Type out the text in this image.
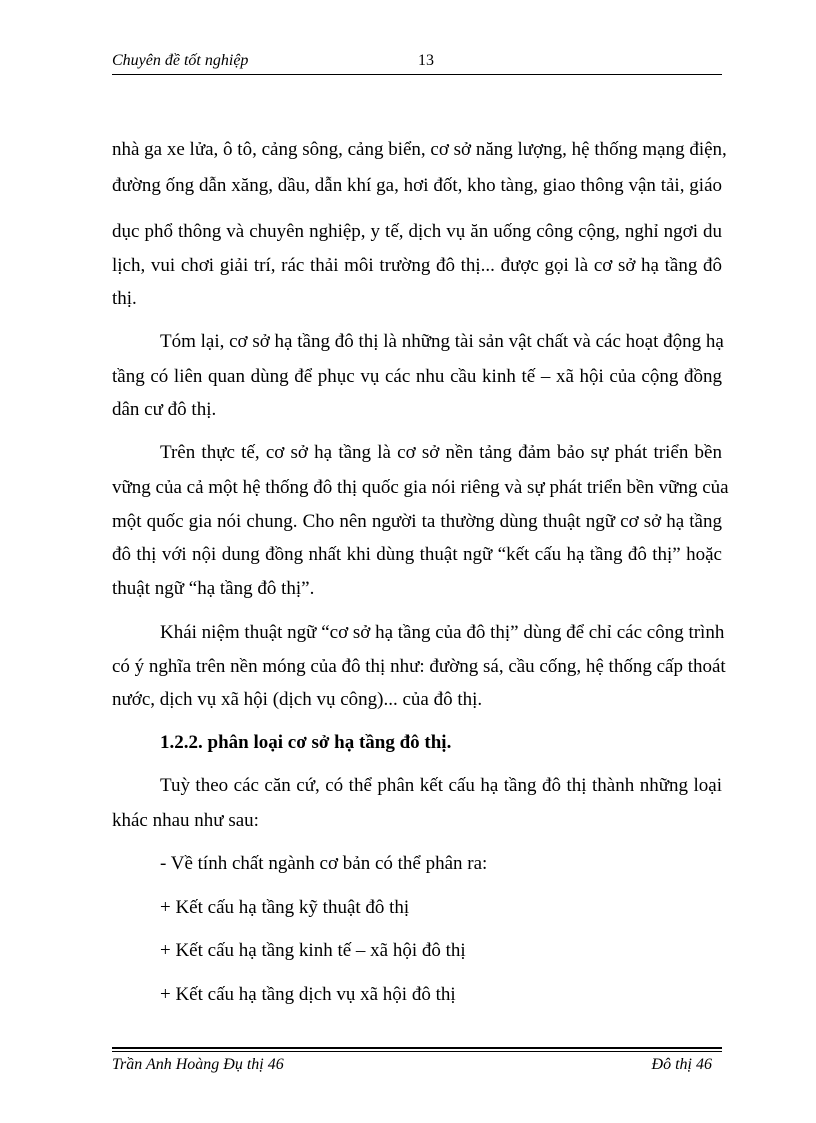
Chuyên đề tốt nghiệp	13
nhà ga xe lửa, ô tô, cảng sông, cảng biển, cơ sở năng lượng, hệ thống mạng điện,
đường ống dẫn xăng, dầu, dẫn khí ga, hơi đốt, kho tàng, giao thông vận tải, giáo
dục phổ thông và chuyên nghiệp, y tế, dịch vụ ăn uống công cộng, nghỉ ngơi du
lịch, vui chơi giải trí, rác thải môi trường đô thị... được gọi là cơ sở hạ tầng đô
thị.
Tóm lại, cơ sở hạ tầng đô thị là những tài sản vật chất và các hoạt động hạ
tầng có liên quan dùng để phục vụ các nhu cầu kinh tế – xã hội của cộng đồng
dân cư đô thị.
Trên thực tế, cơ sở hạ tầng là cơ sở nền tảng đảm bảo sự phát triển bền
vững của cả một hệ thống đô thị quốc gia nói riêng và sự phát triển bền vững của
một quốc gia nói chung. Cho nên người ta thường dùng thuật ngữ cơ sở hạ tầng
đô thị với nội dung đồng nhất khi dùng thuật ngữ “kết cấu hạ tầng đô thị” hoặc
thuật ngữ “hạ tầng đô thị”.
Khái niệm thuật ngữ “cơ sở hạ tầng của đô thị” dùng để chỉ các công trình
có ý nghĩa trên nền móng của đô thị như: đường sá, cầu cống, hệ thống cấp thoát
nước, dịch vụ xã hội (dịch vụ công)... của đô thị.
1.2.2. phân loại cơ sở hạ tầng đô thị.
Tuỳ theo các căn cứ, có thể phân kết cấu hạ tầng đô thị thành những loại
khác nhau như sau:
- Về tính chất ngành cơ bản có thể phân ra:
+ Kết cấu hạ tầng kỹ thuật đô thị
+ Kết cấu hạ tầng kinh tế – xã hội đô thị
+ Kết cấu hạ tầng dịch vụ xã hội đô thị
Trần Anh Hoàng Đụ thị 46	Đô thị 46
